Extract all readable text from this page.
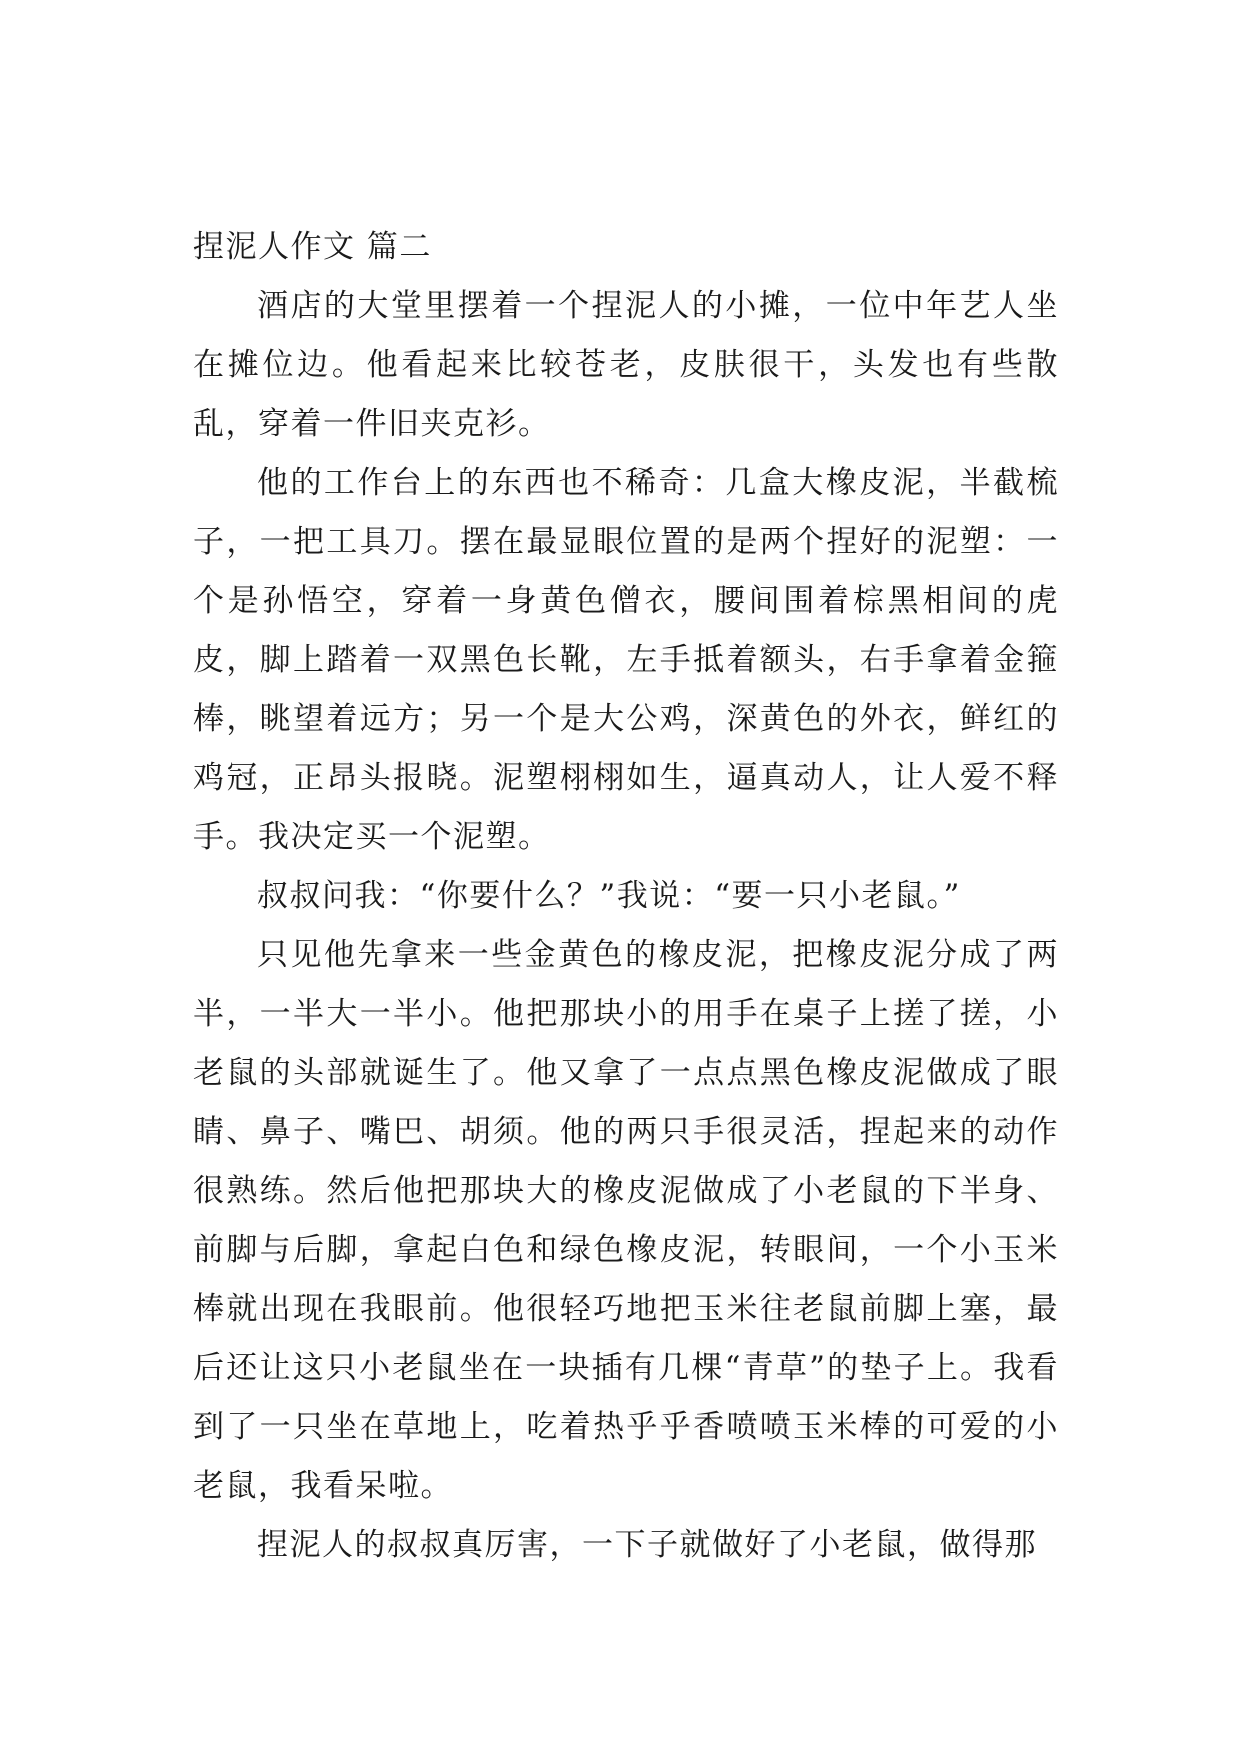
捏泥人作文 篇二

酒店的大堂里摆着一个捏泥人的小摊，一位中年艺人坐在摊位边。他看起来比较苍老，皮肤很干，头发也有些散乱，穿着一件旧夹克衫。

他的工作台上的东西也不稀奇：几盒大橡皮泥，半截梳子，一把工具刀。摆在最显眼位置的是两个捏好的泥塑：一个是孙悟空，穿着一身黄色僧衣，腰间围着棕黑相间的虎皮，脚上踏着一双黑色长靴，左手抵着额头，右手拿着金箍棒，眺望着远方；另一个是大公鸡，深黄色的外衣，鲜红的鸡冠，正昂头报晓。泥塑栩栩如生，逼真动人，让人爱不释手。我决定买一个泥塑。

叔叔问我：“你要什么？”我说：“要一只小老鼠。”

只见他先拿来一些金黄色的橡皮泥，把橡皮泥分成了两半，一半大一半小。他把那块小的用手在桌子上搓了搓，小老鼠的头部就诞生了。他又拿了一点点黑色橡皮泥做成了眼睛、鼻子、嘴巴、胡须。他的两只手很灵活，捏起来的动作很熟练。然后他把那块大的橡皮泥做成了小老鼠的下半身、前脚与后脚，拿起白色和绿色橡皮泥，转眼间，一个小玉米棒就出现在我眼前。他很轻巧地把玉米往老鼠前脚上塞，最后还让这只小老鼠坐在一块插有几棵“青草”的垫子上。我看到了一只坐在草地上，吃着热乎乎香喷喷玉米棒的可爱的小老鼠，我看呆啦。

捏泥人的叔叔真厉害，一下子就做好了小老鼠，做得那
